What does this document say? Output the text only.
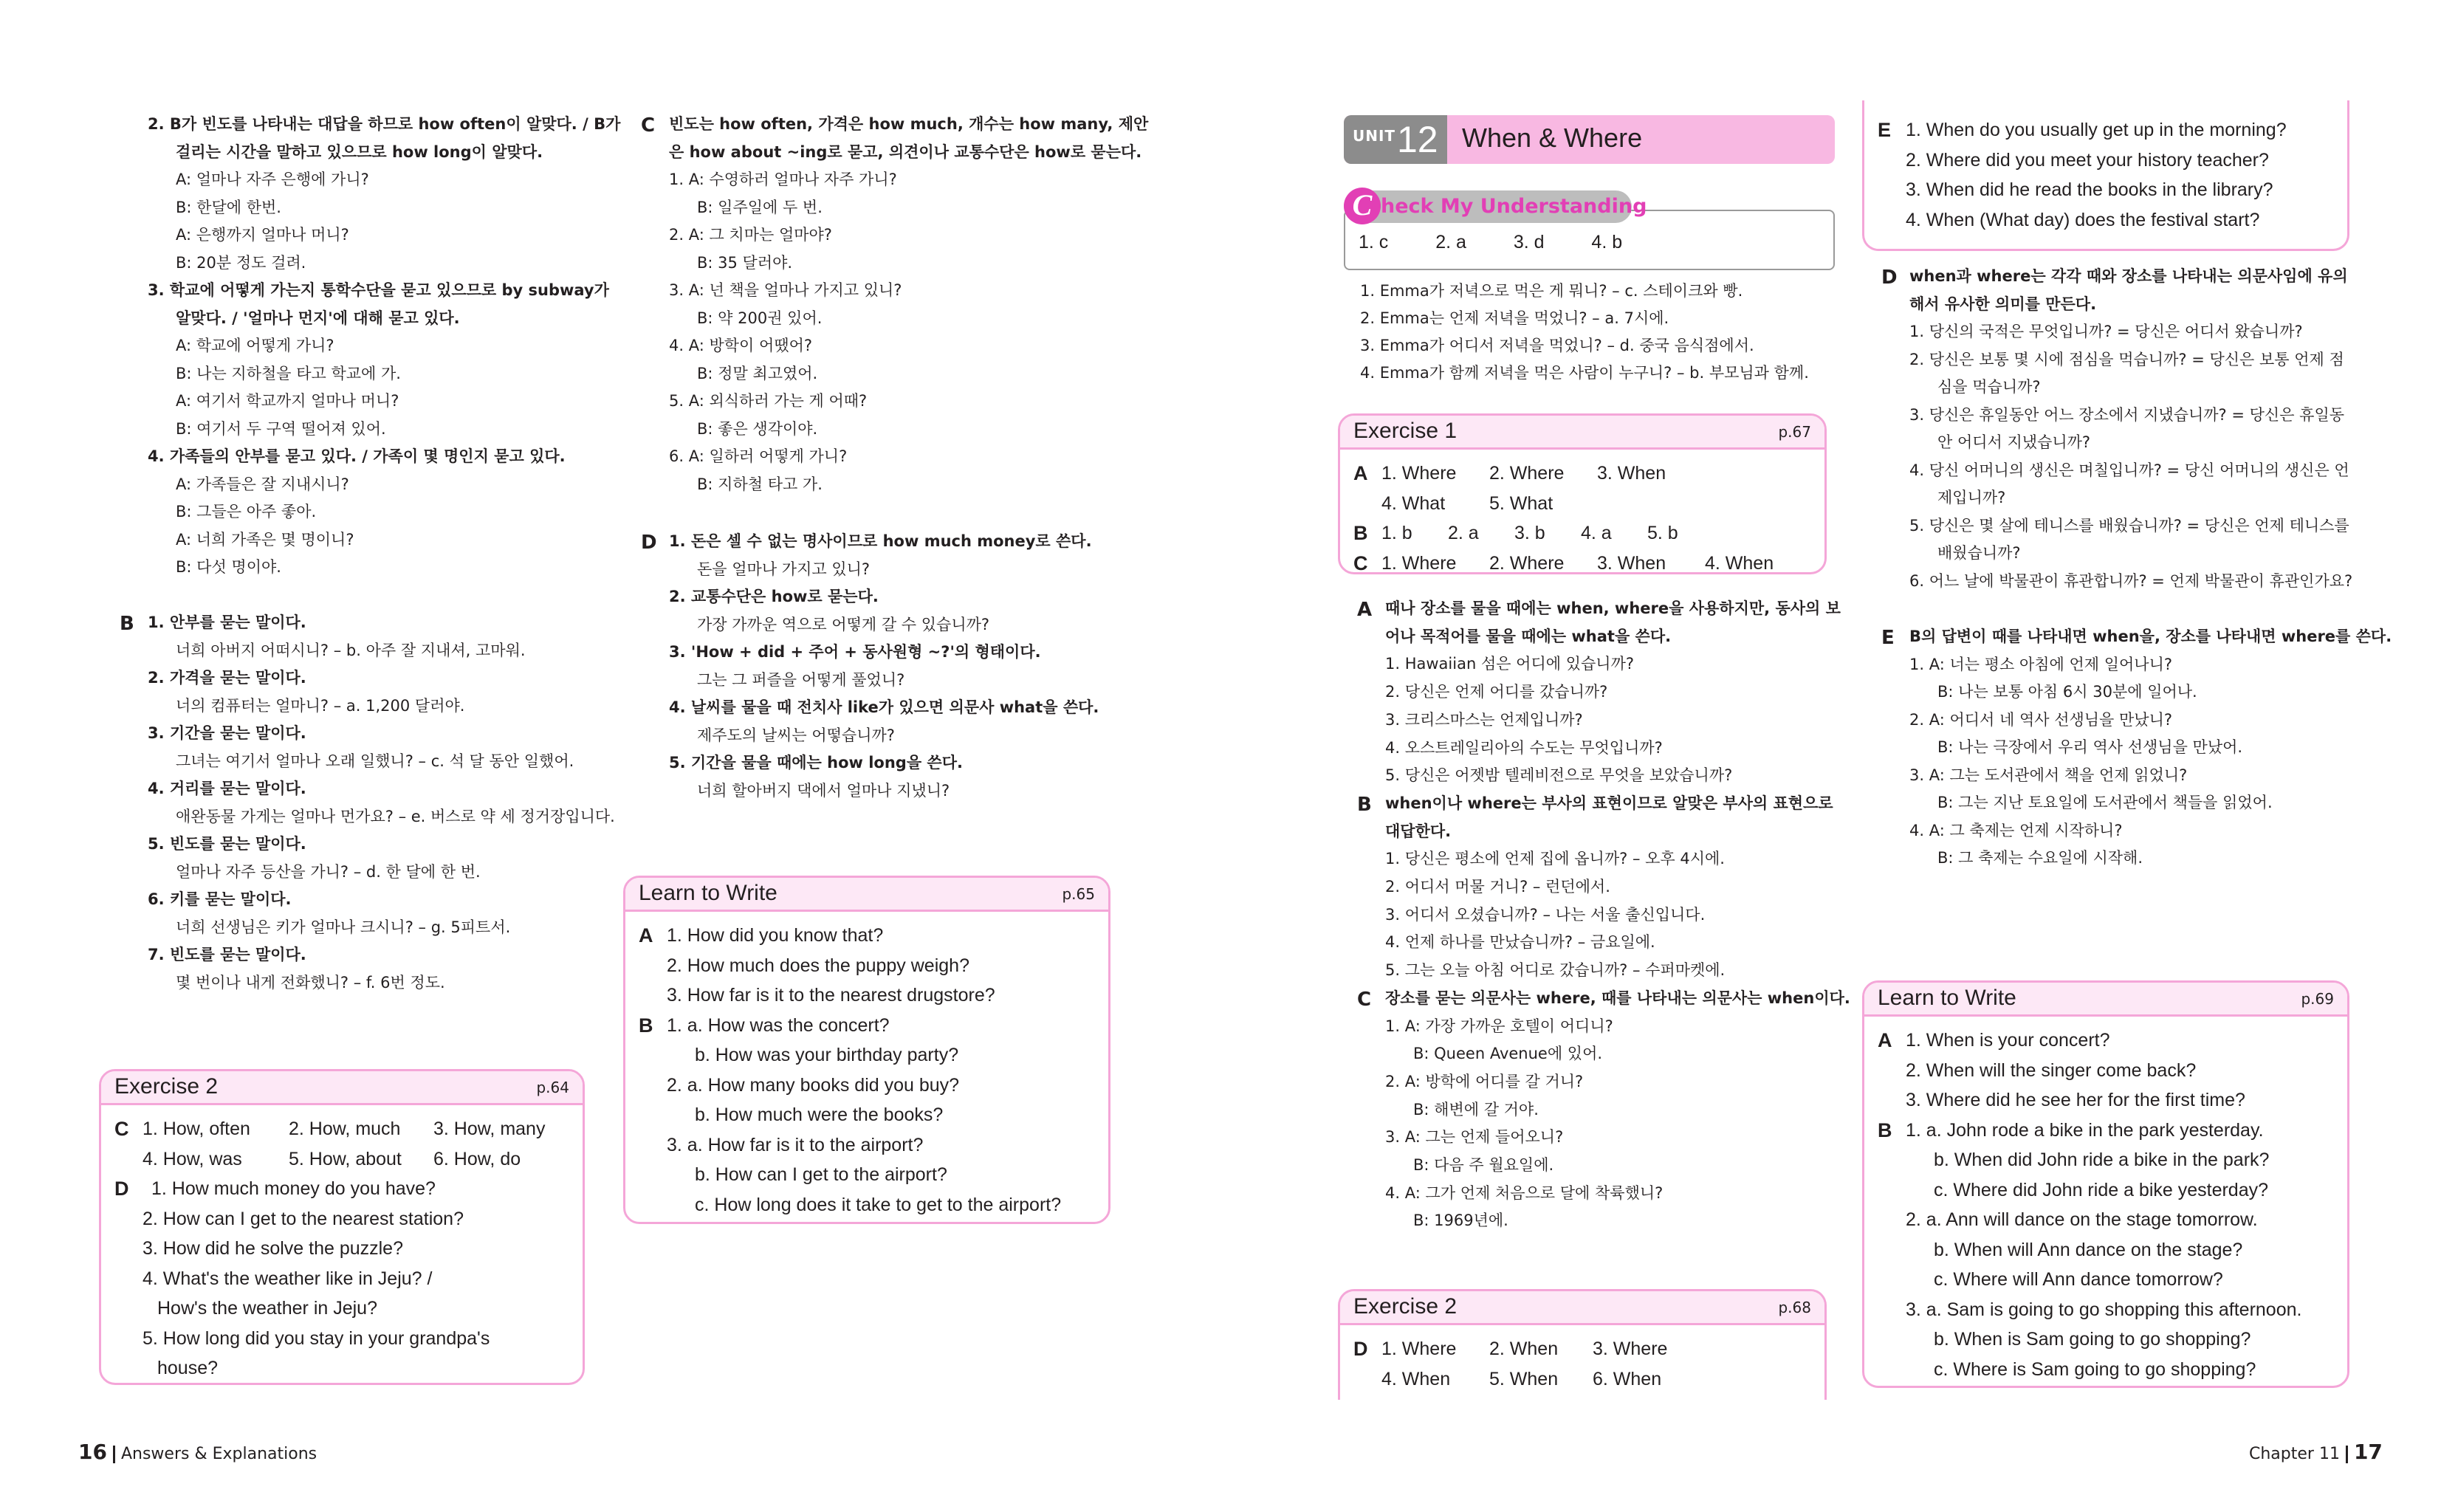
2. B가 빈도를 나타내는 대답을 하므로 how often이 알맞다. / B가
걸리는 시간을 말하고 있으므로 how long이 알맞다.
A: 얼마나 자주 은행에 가니?
B: 한달에 한번.
A: 은행까지 얼마나 머니?
B: 20분 정도 걸려.
3. 학교에 어떻게 가는지 통학수단을 묻고 있으므로 by subway가
알맞다. / '얼마나 먼지'에 대해 묻고 있다.
A: 학교에 어떻게 가니?
B: 나는 지하철을 타고 학교에 가.
A: 여기서 학교까지 얼마나 머니?
B: 여기서 두 구역 떨어져 있어.
4. 가족들의 안부를 묻고 있다. / 가족이 몇 명인지 묻고 있다.
A: 가족들은 잘 지내시니?
B: 그들은 아주 좋아.
A: 너희 가족은 몇 명이니?
B: 다섯 명이야.

B 1. 안부를 묻는 말이다.
너희 아버지 어떠시니? – b. 아주 잘 지내셔, 고마워.
2. 가격을 묻는 말이다.
너의 컴퓨터는 얼마니? – a. 1,200 달러야.
3. 기간을 묻는 말이다.
그녀는 여기서 얼마나 오래 일했니? – c. 석 달 동안 일했어.
4. 거리를 묻는 말이다.
애완동물 가게는 얼마나 먼가요? – e. 버스로 약 세 정거장입니다.
5. 빈도를 묻는 말이다.
얼마나 자주 등산을 가니? – d. 한 달에 한 번.
6. 키를 묻는 말이다.
너희 선생님은 키가 얼마나 크시니? – g. 5피트서.
7. 빈도를 묻는 말이다.
몇 번이나 내게 전화했니? – f. 6번 정도.
Exercise 2	p.64
C 1. How, often 2. How, much 3. How, many
4. How, was	5. How, about 6. How, do
D 1. How much money do you have?
2. How can I get to the nearest station?
3. How did he solve the puzzle?
4. What's the weather like in Jeju? /
How's the weather in Jeju?
5. How long did you stay in your grandpa's
house?
C 빈도는 how often, 가격은 how much, 개수는 how many, 제안
은 how about ~ing로 묻고, 의견이나 교통수단은 how로 묻는다.
1. A: 수영하러 얼마나 자주 가니?
B: 일주일에 두 번.
2. A: 그 치마는 얼마야?
B: 35 달러야.
3. A: 넌 책을 얼마나 가지고 있니?
B: 약 200권 있어.
4. A: 방학이 어땠어?
B: 정말 최고였어.
5. A: 외식하러 가는 게 어때?
B: 좋은 생각이야.
6. A: 일하러 어떻게 가니?
B: 지하철 타고 가.
D 1. 돈은 셀 수 없는 명사이므로 how much money로 쓴다.
돈을 얼마나 가지고 있니?
2. 교통수단은 how로 묻는다.
가장 가까운 역으로 어떻게 갈 수 있습니까?
3. 'How + did + 주어 + 동사원형 ~?'의 형태이다.
그는 그 퍼즐을 어떻게 풀었니?
4. 날씨를 물을 때 전치사 like가 있으면 의문사 what을 쓴다.
제주도의 날씨는 어떻습니까?
5. 기간을 물을 때에는 how long을 쓴다.
너희 할아버지 댁에서 얼마나 지냈니?
Learn to Write	p.65
A 1. How did you know that?
2. How much does the puppy weigh?
3. How far is it to the nearest drugstore?
B 1. a. How was the concert?
b. How was your birthday party?
2. a. How many books did you buy?
b. How much were the books?
3. a. How far is it to the airport?
b. How can I get to the airport?
c. How long does it take to get to the airport?
UNIT 12 When & Where
1. c	2. a	3. d	4. b
C heck My Understanding
1. Emma가 저녁으로 먹은 게 뭐니? – c. 스테이크와 빵.
2. Emma는 언제 저녁을 먹었니? – a. 7시에.
3. Emma가 어디서 저녁을 먹었니? – d. 중국 음식점에서.
4. Emma가 함께 저녁을 먹은 사람이 누구니? – b. 부모님과 함께.
Exercise 1	p.67
A 1. Where 2. Where 3. When
4. What 5. What
B 1. b 2. a 3. b 4. a 5. b
C 1. Where 2. Where 3. When 4. When
A 때나 장소를 물을 때에는 when, where을 사용하지만, 동사의 보
어나 목적어를 물을 때에는 what을 쓴다.
1. Hawaiian 섬은 어디에 있습니까?
2. 당신은 언제 어디를 갔습니까?
3. 크리스마스는 언제입니까?
4. 오스트레일리아의 수도는 무엇입니까?
5. 당신은 어젯밤 텔레비전으로 무엇을 보았습니까?
B when이나 where는 부사의 표현이므로 알맞은 부사의 표현으로
대답한다.
1. 당신은 평소에 언제 집에 옵니까? – 오후 4시에.
2. 어디서 머물 거니? – 런던에서.
3. 어디서 오셨습니까? – 나는 서울 출신입니다.
4. 언제 하나를 만났습니까? – 금요일에.
5. 그는 오늘 아침 어디로 갔습니까? – 수퍼마켓에.
C 장소를 묻는 의문사는 where, 때를 나타내는 의문사는 when이다.
1. A: 가장 가까운 호텔이 어디니?
B: Queen Avenue에 있어.
2. A: 방학에 어디를 갈 거니?
B: 해변에 갈 거야.
3. A: 그는 언제 들어오니?
B: 다음 주 월요일에.
4. A: 그가 언제 처음으로 달에 착륙했니?
B: 1969년에.
Exercise 2	p.68
D 1. Where 2. When 3. Where
4. When 5. When 6. When
E 1. When do you usually get up in the morning?
2. Where did you meet your history teacher?
3. When did he read the books in the library?
4. When (What day) does the festival start?
D when과 where는 각각 때와 장소를 나타내는 의문사임에 유의
해서 유사한 의미를 만든다.
1. 당신의 국적은 무엇입니까? = 당신은 어디서 왔습니까?
2. 당신은 보통 몇 시에 점심을 먹습니까? = 당신은 보통 언제 점
심을 먹습니까?
3. 당신은 휴일동안 어느 장소에서 지냈습니까? = 당신은 휴일동
안 어디서 지냈습니까?
4. 당신 어머니의 생신은 며칠입니까? = 당신 어머니의 생신은 언
제입니까?
5. 당신은 몇 살에 테니스를 배웠습니까? = 당신은 언제 테니스를
배웠습니까?
6. 어느 날에 박물관이 휴관합니까? = 언제 박물관이 휴관인가요?
E B의 답변이 때를 나타내면 when을, 장소를 나타내면 where를 쓴다.
1. A: 너는 평소 아침에 언제 일어나니?
B: 나는 보통 아침 6시 30분에 일어나.
2. A: 어디서 네 역사 선생님을 만났니?
B: 나는 극장에서 우리 역사 선생님을 만났어.
3. A: 그는 도서관에서 책을 언제 읽었니?
B: 그는 지난 토요일에 도서관에서 책들을 읽었어.
4. A: 그 축제는 언제 시작하니?
B: 그 축제는 수요일에 시작해.
Learn to Write	p.69
A 1. When is your concert?
2. When will the singer come back?
3. Where did he see her for the first time?
B 1. a. John rode a bike in the park yesterday.
b. When did John ride a bike in the park?
c. Where did John ride a bike yesterday?
2. a. Ann will dance on the stage tomorrow.
b. When will Ann dance on the stage?
c. Where will Ann dance tomorrow?
3. a. Sam is going to go shopping this afternoon.
b. When is Sam going to go shopping?
c. Where is Sam going to go shopping?
16 Answers & Explanations	Chapter 11 17
